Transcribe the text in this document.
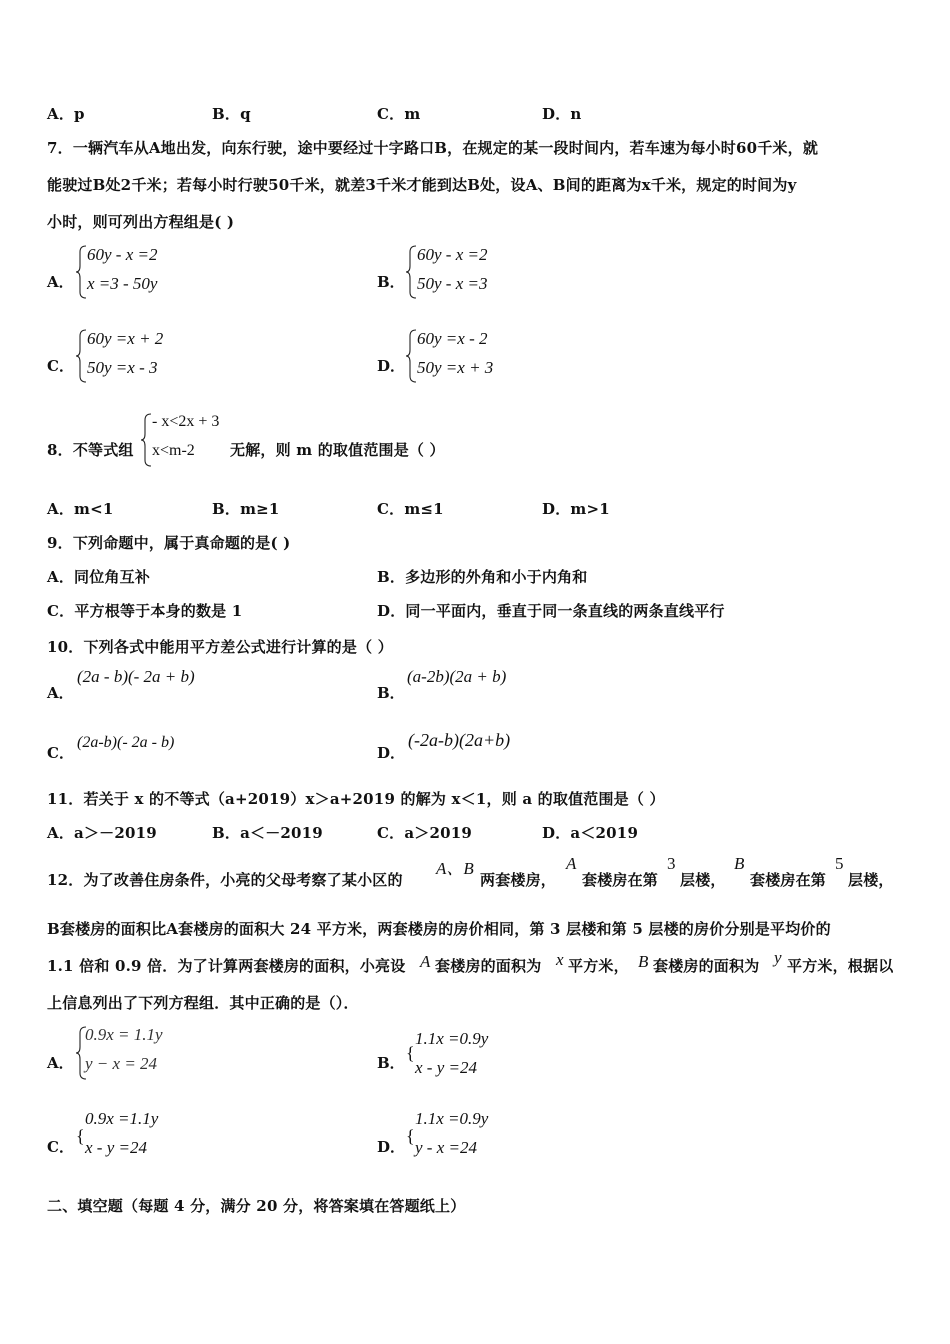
A．p	B．q	C．m	D．n
7．一辆汽车从A地出发，向东行驶，途中要经过十字路口B，在规定的某一段时间内，若车速为每小时60千米，就
能驶过B处2千米；若每小时行驶50千米，就差3千米才能到达B处，设A、B间的距离为x千米，规定的时间为y
小时，则可列出方程组是( )
A．
60y - x =2
x =3 - 50y	B．
60y - x =2
50y - x =3
C．
60y =x + 2
50y =x - 3	D．
60y =x - 2
50y =x + 3
8．不等式组
- x<2x + 3
x<m-2 无解，则 m 的取值范围是（ ）
A．m<1	B．m≥1	C．m≤1	D．m>1
9．下列命题中，属于真命题的是( )
A．同位角互补	B．多边形的外角和小于内角和
C．平方根等于本身的数是 1	D．同一平面内，垂直于同一条直线的两条直线平行
10．下列各式中能用平方差公式进行计算的是（ ）
A．
(2a - b)(- 2a + b)
B．
(a-2b)(2a + b)
C．
(2a-b)(- 2a - b)
D．
(-2a-b)(2a+b)
11．若关于 x 的不等式（a+2019）x＞a+2019 的解为 x＜1，则 a 的取值范围是（ ）
A．a＞－2019	B．a＜－2019	C．a＞2019	D．a＜2019
12．为了改善住房条件，小亮的父母考察了某小区的
A、B
两套楼房，
A
套楼房在第
3
层楼，
B
套楼房在第
5
层楼，
B套楼房的面积比A套楼房的面积大 24 平方米，两套楼房的房价相同，第 3 层楼和第 5 层楼的房价分别是平均价的
1.1 倍和 0.9 倍．为了计算两套楼房的面积，小亮设 A 套楼房的面积为 x 平方米， B 套楼房的面积为 y 平方米，根据以
上信息列出了下列方程组．其中正确的是（）．
A．
0.9x = 1.1y
y − x = 24	B． {
1.1x =0.9y
x - y =24
C．
{
0.9x =1.1y
x - y =24	D．
{
1.1x =0.9y
y - x =24
二、填空题（每题 4 分，满分 20 分，将答案填在答题纸上）
